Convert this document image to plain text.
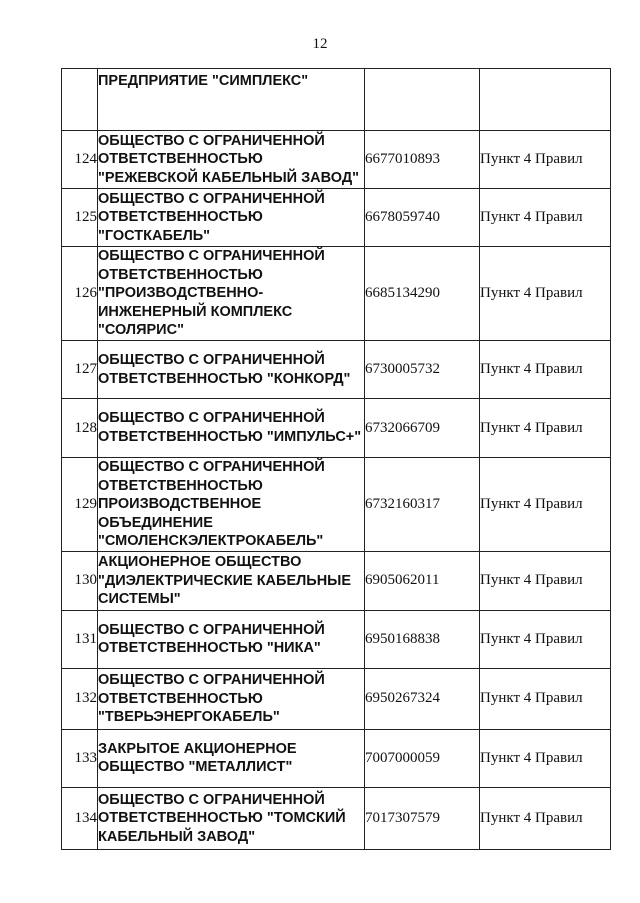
12
	ПРЕДПРИЯТИЕ "СИМПЛЕКС"		
124	ОБЩЕСТВО С ОГРАНИЧЕННОЙ ОТВЕТСТВЕННОСТЬЮ "РЕЖЕВСКОЙ КАБЕЛЬНЫЙ ЗАВОД"	6677010893	Пункт 4 Правил
125	ОБЩЕСТВО С ОГРАНИЧЕННОЙ ОТВЕТСТВЕННОСТЬЮ "ГОСТКАБЕЛЬ"	6678059740	Пункт 4 Правил
126	ОБЩЕСТВО С ОГРАНИЧЕННОЙ ОТВЕТСТВЕННОСТЬЮ "ПРОИЗВОДСТВЕННО-ИНЖЕНЕРНЫЙ КОМПЛЕКС "СОЛЯРИС"	6685134290	Пункт 4 Правил
127	ОБЩЕСТВО С ОГРАНИЧЕННОЙ ОТВЕТСТВЕННОСТЬЮ "КОНКОРД"	6730005732	Пункт 4 Правил
128	ОБЩЕСТВО С ОГРАНИЧЕННОЙ ОТВЕТСТВЕННОСТЬЮ "ИМПУЛЬС+"	6732066709	Пункт 4 Правил
129	ОБЩЕСТВО С ОГРАНИЧЕННОЙ ОТВЕТСТВЕННОСТЬЮ ПРОИЗВОДСТВЕННОЕ ОБЪЕДИНЕНИЕ "СМОЛЕНСКЭЛЕКТРОКАБЕЛЬ"	6732160317	Пункт 4 Правил
130	АКЦИОНЕРНОЕ ОБЩЕСТВО "ДИЭЛЕКТРИЧЕСКИЕ КАБЕЛЬНЫЕ СИСТЕМЫ"	6905062011	Пункт 4 Правил
131	ОБЩЕСТВО С ОГРАНИЧЕННОЙ ОТВЕТСТВЕННОСТЬЮ "НИКА"	6950168838	Пункт 4 Правил
132	ОБЩЕСТВО С ОГРАНИЧЕННОЙ ОТВЕТСТВЕННОСТЬЮ "ТВЕРЬЭНЕРГОКАБЕЛЬ"	6950267324	Пункт 4 Правил
133	ЗАКРЫТОЕ АКЦИОНЕРНОЕ ОБЩЕСТВО "МЕТАЛЛИСТ"	7007000059	Пункт 4 Правил
134	ОБЩЕСТВО С ОГРАНИЧЕННОЙ ОТВЕТСТВЕННОСТЬЮ "ТОМСКИЙ КАБЕЛЬНЫЙ ЗАВОД"	7017307579	Пункт 4 Правил
